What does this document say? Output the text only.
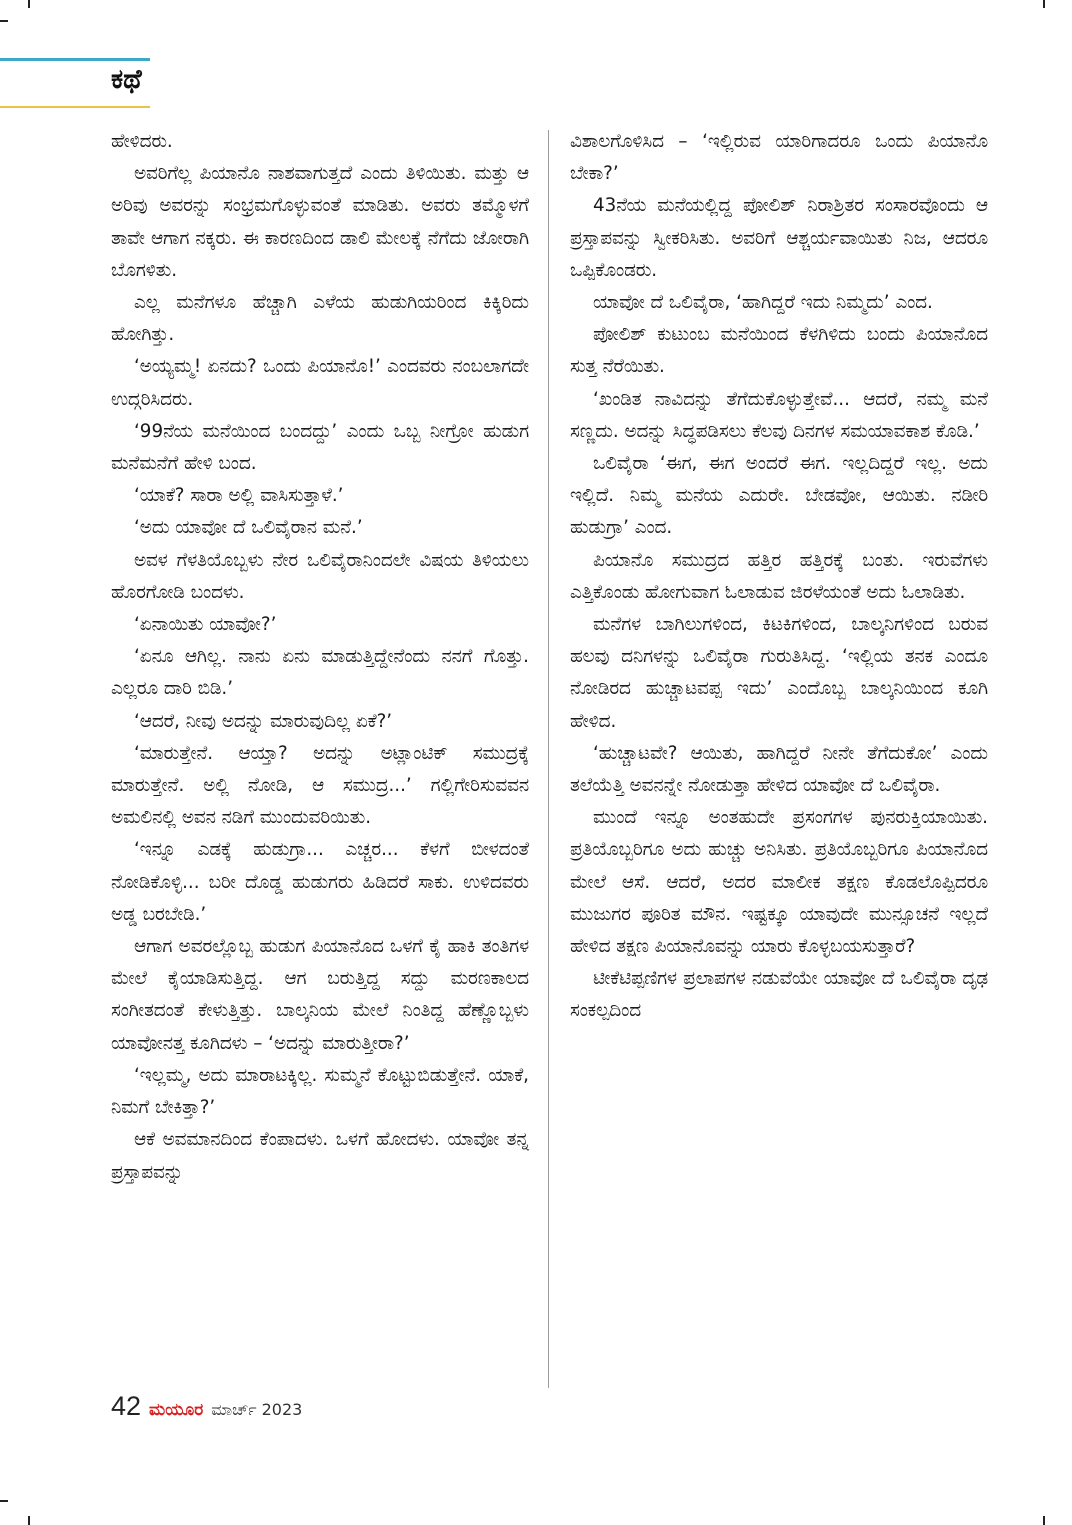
ಕಥೆ

ಹೇಳಿದರು.

ಅವರಿಗೆಲ್ಲ ಪಿಯಾನೊ ನಾಶವಾಗುತ್ತದೆ ಎಂದು ತಿಳಿಯಿತು. ಮತ್ತು ಆ ಅರಿವು ಅವರನ್ನು ಸಂಭ್ರಮಗೊಳ್ಳುವಂತೆ ಮಾಡಿತು. ಅವರು ತಮ್ಮೊಳಗೆ ತಾವೇ ಆಗಾಗ ನಕ್ಕರು. ಈ ಕಾರಣದಿಂದ ಡಾಲಿ ಮೇಲಕ್ಕೆ ನೆಗೆದು ಜೋರಾಗಿ ಬೊಗಳಿತು.

ಎಲ್ಲ ಮನೆಗಳೂ ಹೆಚ್ಚಾಗಿ ಎಳೆಯ ಹುಡುಗಿಯರಿಂದ ಕಿಕ್ಕಿರಿದು ಹೋಗಿತ್ತು.

‘ಅಯ್ಯಮ್ಮ! ಏನದು? ಒಂದು ಪಿಯಾನೊ!’ ಎಂದವರು ನಂಬಲಾಗದೇ ಉದ್ಗರಿಸಿದರು.

‘99ನೆಯ ಮನೆಯಿಂದ ಬಂದದ್ದು’ ಎಂದು ಒಬ್ಬ ನೀಗ್ರೋ ಹುಡುಗ ಮನೆಮನೆಗೆ ಹೇಳಿ ಬಂದ.

‘ಯಾಕೆ? ಸಾರಾ ಅಲ್ಲಿ ವಾಸಿಸುತ್ತಾಳೆ.’

‘ಅದು ಯಾವೋ ದೆ ಒಲಿವೈರಾನ ಮನೆ.’

ಅವಳ ಗೆಳತಿಯೊಬ್ಬಳು ನೇರ ಒಲಿವೈರಾನಿಂದಲೇ ವಿಷಯ ತಿಳಿಯಲು ಹೊರಗೋಡಿ ಬಂದಳು.

‘ಏನಾಯಿತು ಯಾವೋ?’

‘ಏನೂ ಆಗಿಲ್ಲ. ನಾನು ಏನು ಮಾಡುತ್ತಿದ್ದೇನೆಂದು ನನಗೆ ಗೊತ್ತು. ಎಲ್ಲರೂ ದಾರಿ ಬಿಡಿ.’

‘ಆದರೆ, ನೀವು ಅದನ್ನು ಮಾರುವುದಿಲ್ಲ ಏಕೆ?’

‘ಮಾರುತ್ತೇನೆ. ಆಯ್ತಾ? ಅದನ್ನು ಅಟ್ಲಾಂಟಿಕ್ ಸಮುದ್ರಕ್ಕೆ ಮಾರುತ್ತೇನೆ. ಅಲ್ಲಿ ನೋಡಿ, ಆ ಸಮುದ್ರ...’ ಗಲ್ಲಿಗೇರಿಸುವವನ ಅಮಲಿನಲ್ಲಿ ಅವನ ನಡಿಗೆ ಮುಂದುವರಿಯಿತು.

‘ಇನ್ನೂ ಎಡಕ್ಕೆ ಹುಡುಗ್ರಾ... ಎಚ್ಚರ... ಕೆಳಗೆ ಬೀಳದಂತೆ ನೋಡಿಕೊಳ್ಳಿ... ಬರೀ ದೊಡ್ಡ ಹುಡುಗರು ಹಿಡಿದರೆ ಸಾಕು. ಉಳಿದವರು ಅಡ್ಡ ಬರಬೇಡಿ.’

ಆಗಾಗ ಅವರಲ್ಲೊಬ್ಬ ಹುಡುಗ ಪಿಯಾನೊದ ಒಳಗೆ ಕೈ ಹಾಕಿ ತಂತಿಗಳ ಮೇಲೆ ಕೈಯಾಡಿಸುತ್ತಿದ್ದ. ಆಗ ಬರುತ್ತಿದ್ದ ಸದ್ದು ಮರಣಕಾಲದ ಸಂಗೀತದಂತೆ ಕೇಳುತ್ತಿತ್ತು. ಬಾಲ್ಕನಿಯ ಮೇಲೆ ನಿಂತಿದ್ದ ಹೆಣ್ಣೊಬ್ಬಳು ಯಾವೋನತ್ತ ಕೂಗಿದಳು – ‘ಅದನ್ನು ಮಾರುತ್ತೀರಾ?’

‘ಇಲ್ಲಮ್ಮ, ಅದು ಮಾರಾಟಕ್ಕಿಲ್ಲ. ಸುಮ್ಮನೆ ಕೊಟ್ಟುಬಿಡುತ್ತೇನೆ. ಯಾಕೆ, ನಿಮಗೆ ಬೇಕಿತ್ತಾ?’

ಆಕೆ ಅವಮಾನದಿಂದ ಕೆಂಪಾದಳು. ಒಳಗೆ ಹೋದಳು. ಯಾವೋ ತನ್ನ ಪ್ರಸ್ತಾಪವನ್ನು

ವಿಶಾಲಗೊಳಿಸಿದ – ‘ಇಲ್ಲಿರುವ ಯಾರಿಗಾದರೂ ಒಂದು ಪಿಯಾನೊ ಬೇಕಾ?’

43ನೆಯ ಮನೆಯಲ್ಲಿದ್ದ ಪೋಲಿಶ್ ನಿರಾಶ್ರಿತರ ಸಂಸಾರವೊಂದು ಆ ಪ್ರಸ್ತಾಪವನ್ನು ಸ್ವೀಕರಿಸಿತು. ಅವರಿಗೆ ಆಶ್ಚರ್ಯವಾಯಿತು ನಿಜ, ಆದರೂ ಒಪ್ಪಿಕೊಂಡರು.

ಯಾವೋ ದೆ ಒಲಿವೈರಾ, ‘ಹಾಗಿದ್ದರೆ ಇದು ನಿಮ್ಮದು’ ಎಂದ.

ಪೋಲಿಶ್ ಕುಟುಂಬ ಮನೆಯಿಂದ ಕೆಳಗಿಳಿದು ಬಂದು ಪಿಯಾನೊದ ಸುತ್ತ ನೆರೆಯಿತು.

‘ಖಂಡಿತ ನಾವಿದನ್ನು ತೆಗೆದುಕೊಳ್ಳುತ್ತೇವೆ... ಆದರೆ, ನಮ್ಮ ಮನೆ ಸಣ್ಣದು. ಅದನ್ನು ಸಿದ್ಧಪಡಿಸಲು ಕೆಲವು ದಿನಗಳ ಸಮಯಾವಕಾಶ ಕೊಡಿ.’

ಒಲಿವೈರಾ ‘ಈಗ, ಈಗ ಅಂದರೆ ಈಗ. ಇಲ್ಲದಿದ್ದರೆ ಇಲ್ಲ. ಅದು ಇಲ್ಲಿದೆ. ನಿಮ್ಮ ಮನೆಯ ಎದುರೇ. ಬೇಡವೋ, ಆಯಿತು. ನಡೀರಿ ಹುಡುಗ್ರಾ’ ಎಂದ.

ಪಿಯಾನೊ ಸಮುದ್ರದ ಹತ್ತಿರ ಹತ್ತಿರಕ್ಕೆ ಬಂತು. ಇರುವೆಗಳು ಎತ್ತಿಕೊಂಡು ಹೋಗುವಾಗ ಓಲಾಡುವ ಜಿರಳೆಯಂತೆ ಅದು ಓಲಾಡಿತು.

ಮನೆಗಳ ಬಾಗಿಲುಗಳಿಂದ, ಕಿಟಕಿಗಳಿಂದ, ಬಾಲ್ಕನಿಗಳಿಂದ ಬರುವ ಹಲವು ದನಿಗಳನ್ನು ಒಲಿವೈರಾ ಗುರುತಿಸಿದ್ದ. ‘ಇಲ್ಲಿಯ ತನಕ ಎಂದೂ ನೋಡಿರದ ಹುಚ್ಚಾಟವಪ್ಪ ಇದು’ ಎಂದೊಬ್ಬ ಬಾಲ್ಕನಿಯಿಂದ ಕೂಗಿ ಹೇಳಿದ.

‘ಹುಚ್ಚಾಟವೇ? ಆಯಿತು, ಹಾಗಿದ್ದರೆ ನೀನೇ ತೆಗೆದುಕೋ’ ಎಂದು ತಲೆಯೆತ್ತಿ ಅವನನ್ನೇ ನೋಡುತ್ತಾ ಹೇಳಿದ ಯಾವೋ ದೆ ಒಲಿವೈರಾ.

ಮುಂದೆ ಇನ್ನೂ ಅಂತಹುದೇ ಪ್ರಸಂಗಗಳ ಪುನರುಕ್ತಿಯಾಯಿತು. ಪ್ರತಿಯೊಬ್ಬರಿಗೂ ಅದು ಹುಚ್ಚು ಅನಿಸಿತು. ಪ್ರತಿಯೊಬ್ಬರಿಗೂ ಪಿಯಾನೊದ ಮೇಲೆ ಆಸೆ. ಆದರೆ, ಅದರ ಮಾಲೀಕ ತಕ್ಷಣ ಕೊಡಲೊಪ್ಪಿದರೂ ಮುಜುಗರ ಪೂರಿತ ಮೌನ. ಇಷ್ಟಕ್ಕೂ ಯಾವುದೇ ಮುನ್ಸೂಚನೆ ಇಲ್ಲದೆ ಹೇಳಿದ ತಕ್ಷಣ ಪಿಯಾನೊವನ್ನು ಯಾರು ಕೊಳ್ಳಬಯಸುತ್ತಾರೆ?

ಟೀಕೆಟಿಪ್ಪಣಿಗಳ ಪ್ರಲಾಪಗಳ ನಡುವೆಯೇ ಯಾವೋ ದೆ ಒಲಿವೈರಾ ದೃಢ ಸಂಕಲ್ಪದಿಂದ

42 ಮಯೂರ ಮಾರ್ಚ್ 2023
